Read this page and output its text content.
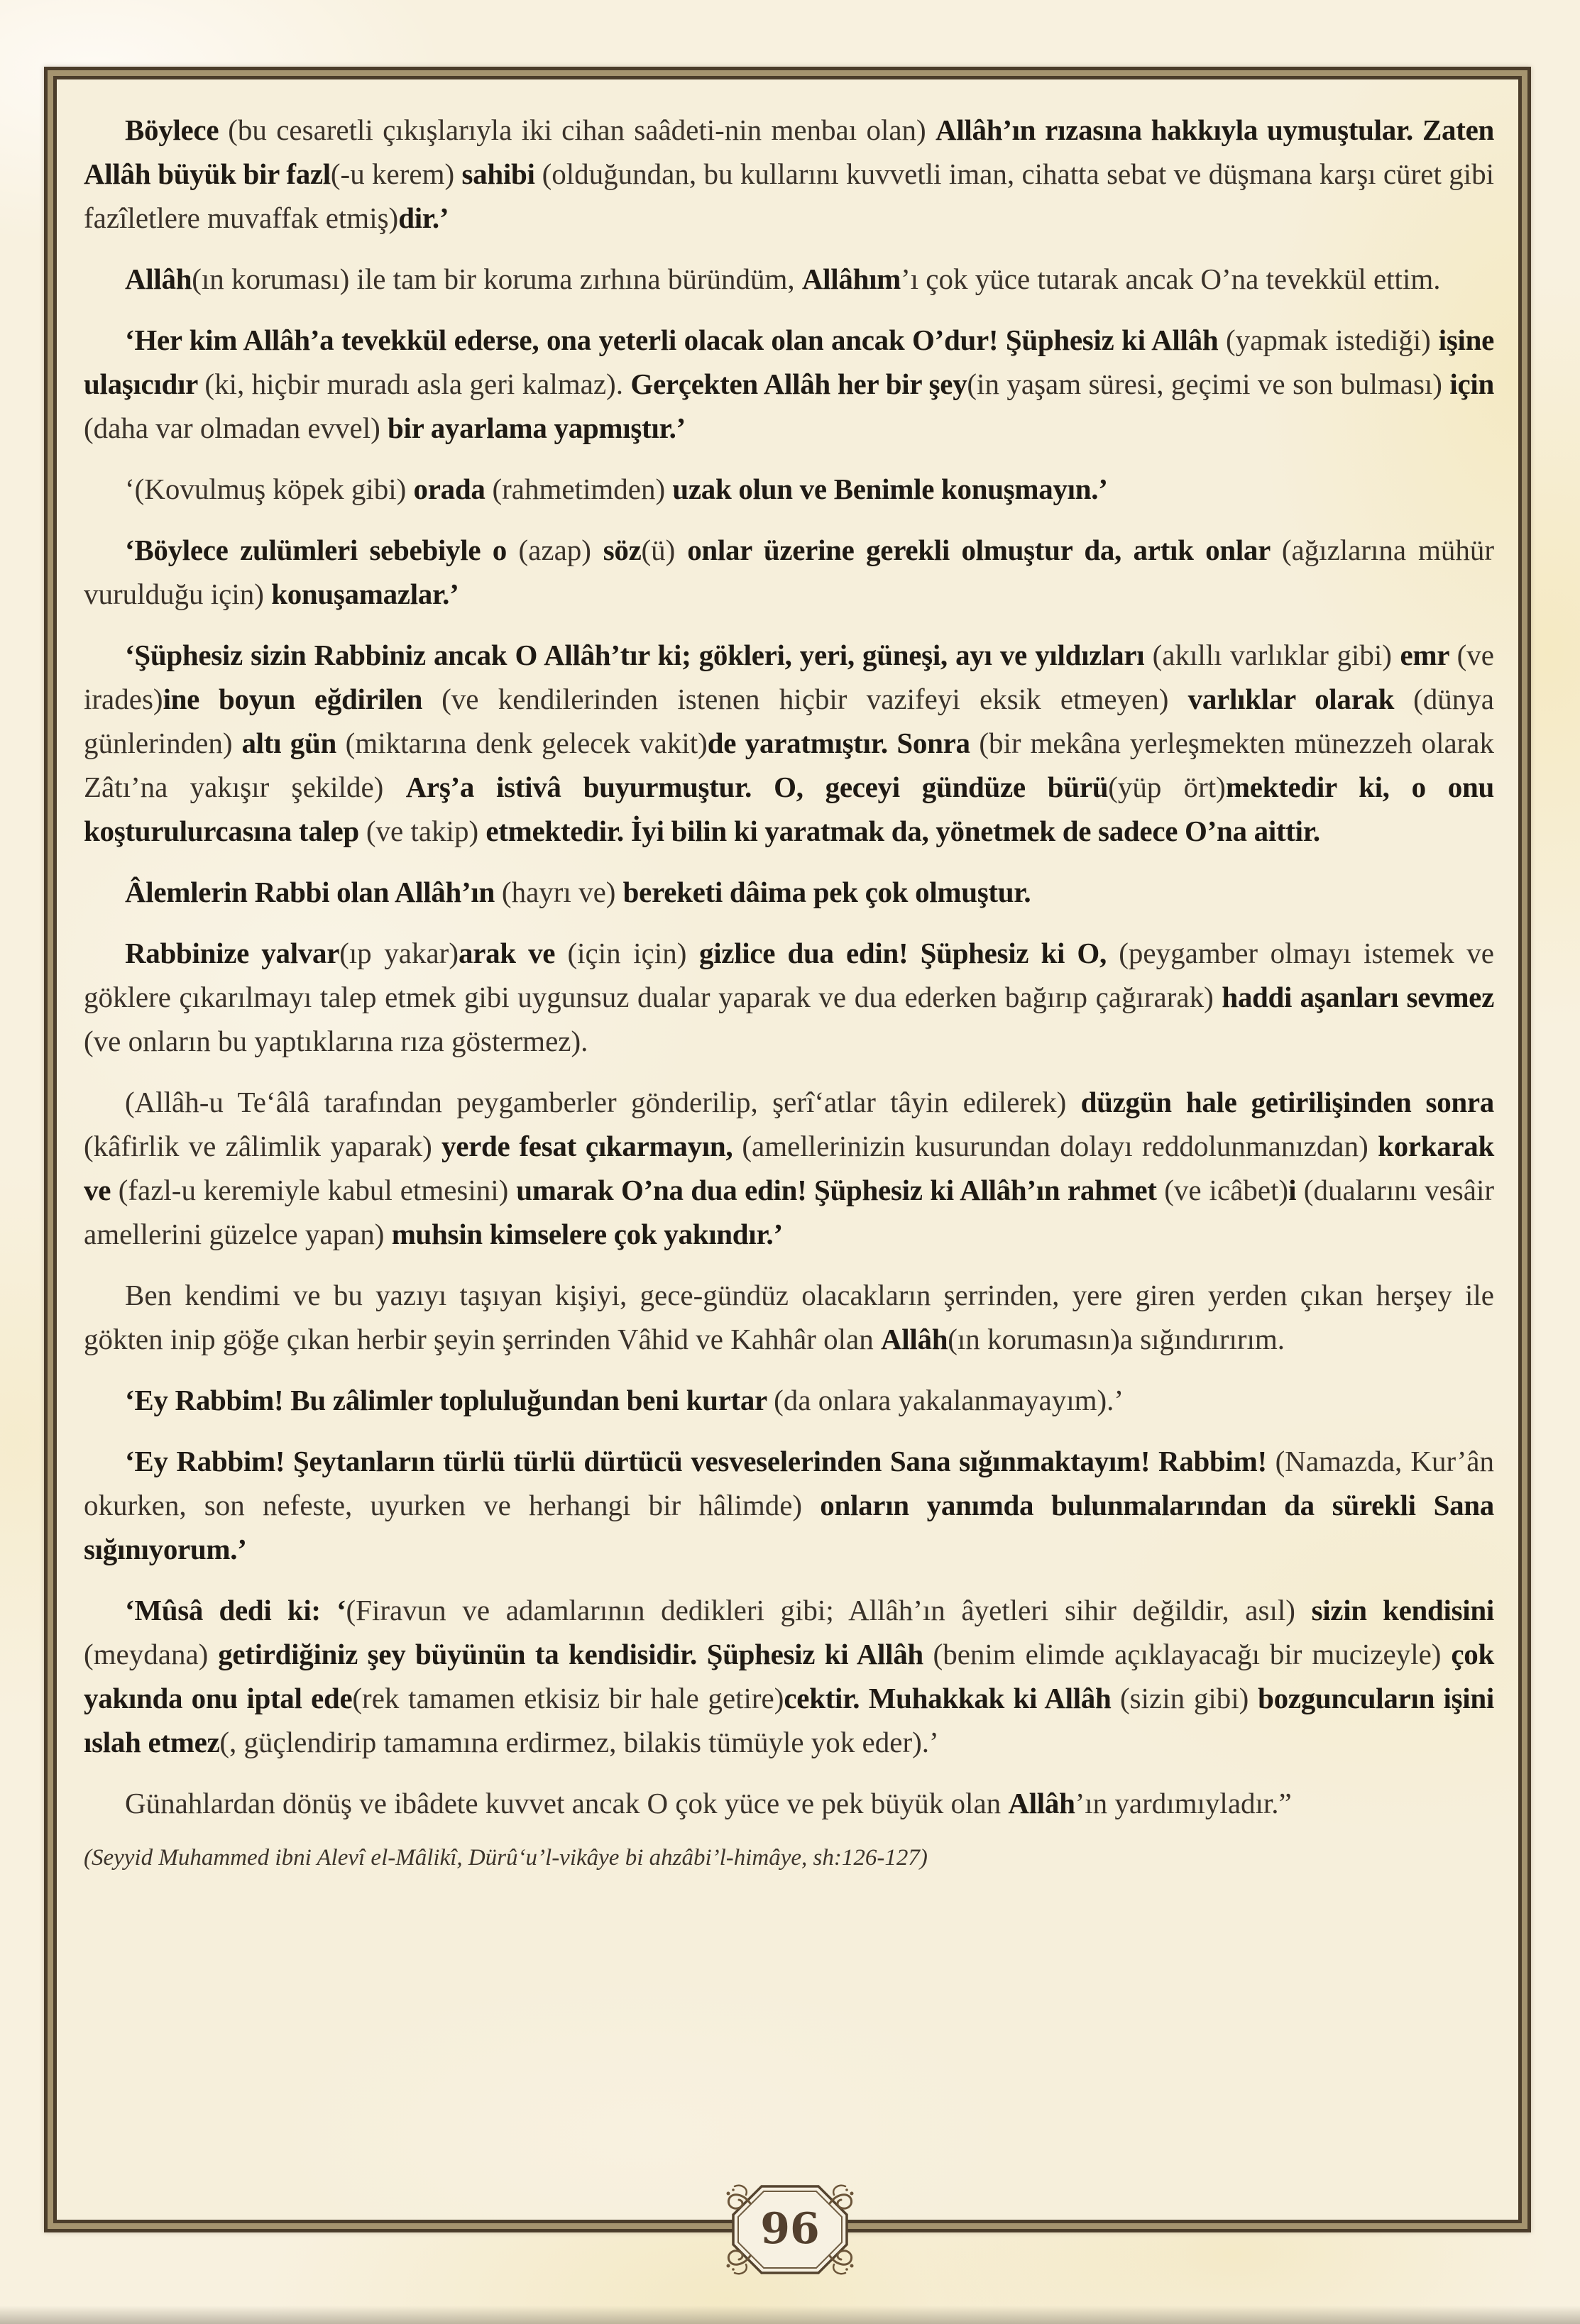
Böylece (bu cesaretli çıkışlarıyla iki cihan saâdeti-nin menbaı olan) Allâh’ın rızasına hakkıyla uymuştular. Zaten Allâh büyük bir fazl(-u kerem) sahibi (olduğundan, bu kullarını kuvvetli iman, cihatta sebat ve düşmana karşı cüret gibi fazîletlere muvaffak etmiş)dir.’

Allâh(ın koruması) ile tam bir koruma zırhına büründüm, Allâhım’ı çok yüce tutarak ancak O’na tevekkül ettim.

‘Her kim Allâh’a tevekkül ederse, ona yeterli olacak olan ancak O’dur! Şüphesiz ki Allâh (yapmak istediği) işine ulaşıcıdır (ki, hiçbir muradı asla geri kalmaz). Gerçekten Allâh her bir şey(in yaşam süresi, geçimi ve son bulması) için (daha var olmadan evvel) bir ayarlama yapmıştır.’

‘(Kovulmuş köpek gibi) orada (rahmetimden) uzak olun ve Benimle konuşmayın.’

‘Böylece zulümleri sebebiyle o (azap) söz(ü) onlar üzerine gerekli olmuştur da, artık onlar (ağızlarına mühür vurulduğu için) konuşamazlar.’

‘Şüphesiz sizin Rabbiniz ancak O Allâh’tır ki; gökleri, yeri, güneşi, ayı ve yıldızları (akıllı varlıklar gibi) emr (ve irades)ine boyun eğdirilen (ve kendilerinden istenen hiçbir vazifeyi eksik etmeyen) varlıklar olarak (dünya günlerinden) altı gün (miktarına denk gelecek vakit)de yaratmıştır. Sonra (bir mekâna yerleşmekten münezzeh olarak Zâtı’na yakışır şekilde) Arş’a istivâ buyurmuştur. O, geceyi gündüze bürü(yüp ört)mektedir ki, o onu koşturulurcasına talep (ve takip) etmektedir. İyi bilin ki yaratmak da, yönetmek de sadece O’na aittir.

Âlemlerin Rabbi olan Allâh’ın (hayrı ve) bereketi dâima pek çok olmuştur.

Rabbinize yalvar(ıp yakar)arak ve (için için) gizlice dua edin! Şüphesiz ki O, (peygamber olmayı istemek ve göklere çıkarılmayı talep etmek gibi uygunsuz dualar yaparak ve dua ederken bağırıp çağırarak) haddi aşanları sevmez (ve onların bu yaptıklarına rıza göstermez).

(Allâh-u Te‘âlâ tarafından peygamberler gönderilip, şerî‘atlar tâyin edilerek) düzgün hale getirilişinden sonra (kâfirlik ve zâlimlik yaparak) yerde fesat çıkarmayın, (amellerinizin kusurundan dolayı reddolunmanızdan) korkarak ve (fazl-u keremiyle kabul etmesini) umarak O’na dua edin! Şüphesiz ki Allâh’ın rahmet (ve icâbet)i (dualarını vesâir amellerini güzelce yapan) muhsin kimselere çok yakındır.’

Ben kendimi ve bu yazıyı taşıyan kişiyi, gece-gündüz olacakların şerrinden, yere giren yerden çıkan herşey ile gökten inip göğe çıkan herbir şeyin şerrinden Vâhid ve Kahhâr olan Allâh(ın korumasın)a sığındırırım.

‘Ey Rabbim! Bu zâlimler topluluğundan beni kurtar (da onlara yakalanmayayım).’

‘Ey Rabbim! Şeytanların türlü türlü dürtücü vesveselerinden Sana sığınmaktayım! Rabbim! (Namazda, Kur’ân okurken, son nefeste, uyurken ve herhangi bir hâlimde) onların yanımda bulunmalarından da sürekli Sana sığınıyorum.’

‘Mûsâ dedi ki: ‘(Firavun ve adamlarının dedikleri gibi; Allâh’ın âyetleri sihir değildir, asıl) sizin kendisini (meydana) getirdiğiniz şey büyünün ta kendisidir. Şüphesiz ki Allâh (benim elimde açıklayacağı bir mucizeyle) çok yakında onu iptal ede(rek tamamen etkisiz bir hale getire)cektir. Muhakkak ki Allâh (sizin gibi) bozguncuların işini ıslah etmez(, güçlendirip tamamına erdirmez, bilakis tümüyle yok eder).’

Günahlardan dönüş ve ibâdete kuvvet ancak O çok yüce ve pek büyük olan Allâh’ın yardımıyladır.”

(Seyyid Muhammed ibni Alevî el-Mâlikî, Dürû‘u’l-vikâye bi ahzâbi’l-himâye, sh:126-127)
96
